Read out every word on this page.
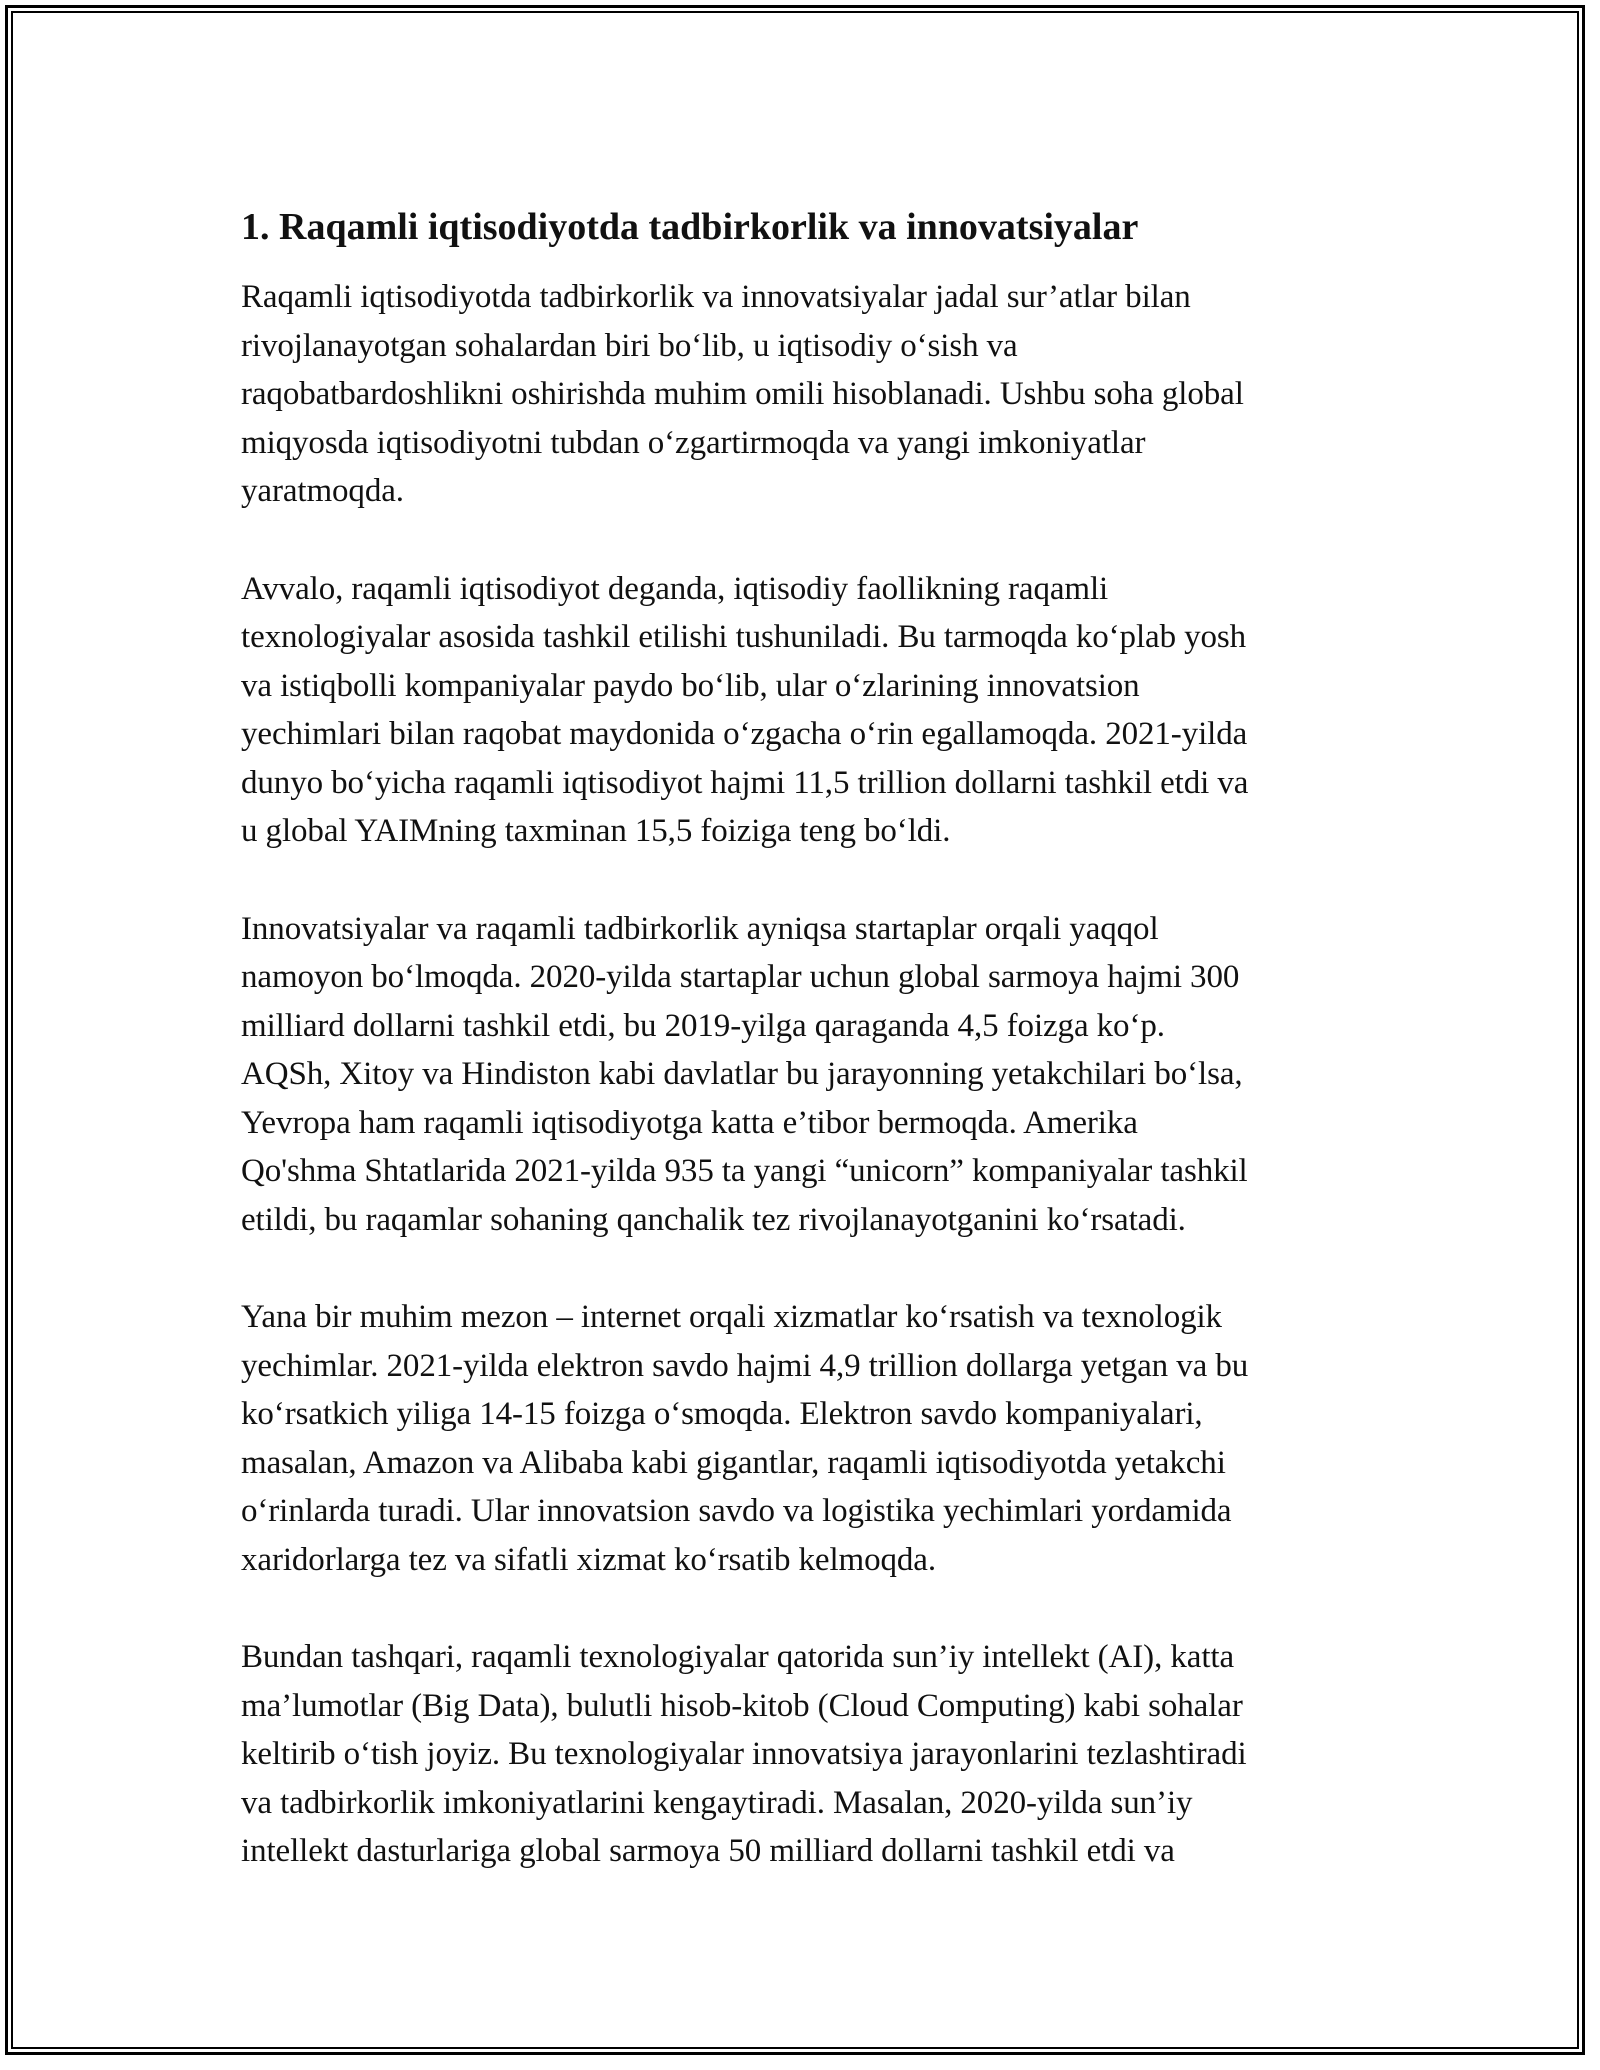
1. Raqamli iqtisodiyotda tadbirkorlik va innovatsiyalar

Raqamli iqtisodiyotda tadbirkorlik va innovatsiyalar jadal sur’atlar bilan
rivojlanayotgan sohalardan biri bo‘lib, u iqtisodiy o‘sish va
raqobatbardoshlikni oshirishda muhim omili hisoblanadi. Ushbu soha global
miqyosda iqtisodiyotni tubdan o‘zgartirmoqda va yangi imkoniyatlar
yaratmoqda.

Avvalo, raqamli iqtisodiyot deganda, iqtisodiy faollikning raqamli
texnologiyalar asosida tashkil etilishi tushuniladi. Bu tarmoqda ko‘plab yosh
va istiqbolli kompaniyalar paydo bo‘lib, ular o‘zlarining innovatsion
yechimlari bilan raqobat maydonida o‘zgacha o‘rin egallamoqda. 2021-yilda
dunyo bo‘yicha raqamli iqtisodiyot hajmi 11,5 trillion dollarni tashkil etdi va
u global YAIMning taxminan 15,5 foiziga teng bo‘ldi.

Innovatsiyalar va raqamli tadbirkorlik ayniqsa startaplar orqali yaqqol
namoyon bo‘lmoqda. 2020-yilda startaplar uchun global sarmoya hajmi 300
milliard dollarni tashkil etdi, bu 2019-yilga qaraganda 4,5 foizga ko‘p.
AQSh, Xitoy va Hindiston kabi davlatlar bu jarayonning yetakchilari bo‘lsa,
Yevropa ham raqamli iqtisodiyotga katta e’tibor bermoqda. Amerika
Qo'shma Shtatlarida 2021-yilda 935 ta yangi “unicorn” kompaniyalar tashkil
etildi, bu raqamlar sohaning qanchalik tez rivojlanayotganini ko‘rsatadi.

Yana bir muhim mezon – internet orqali xizmatlar ko‘rsatish va texnologik
yechimlar. 2021-yilda elektron savdo hajmi 4,9 trillion dollarga yetgan va bu
ko‘rsatkich yiliga 14-15 foizga o‘smoqda. Elektron savdo kompaniyalari,
masalan, Amazon va Alibaba kabi gigantlar, raqamli iqtisodiyotda yetakchi
o‘rinlarda turadi. Ular innovatsion savdo va logistika yechimlari yordamida
xaridorlarga tez va sifatli xizmat ko‘rsatib kelmoqda.

Bundan tashqari, raqamli texnologiyalar qatorida sun’iy intellekt (AI), katta
ma’lumotlar (Big Data), bulutli hisob-kitob (Cloud Computing) kabi sohalar
keltirib o‘tish joyiz. Bu texnologiyalar innovatsiya jarayonlarini tezlashtiradi
va tadbirkorlik imkoniyatlarini kengaytiradi. Masalan, 2020-yilda sun’iy
intellekt dasturlariga global sarmoya 50 milliard dollarni tashkil etdi va
